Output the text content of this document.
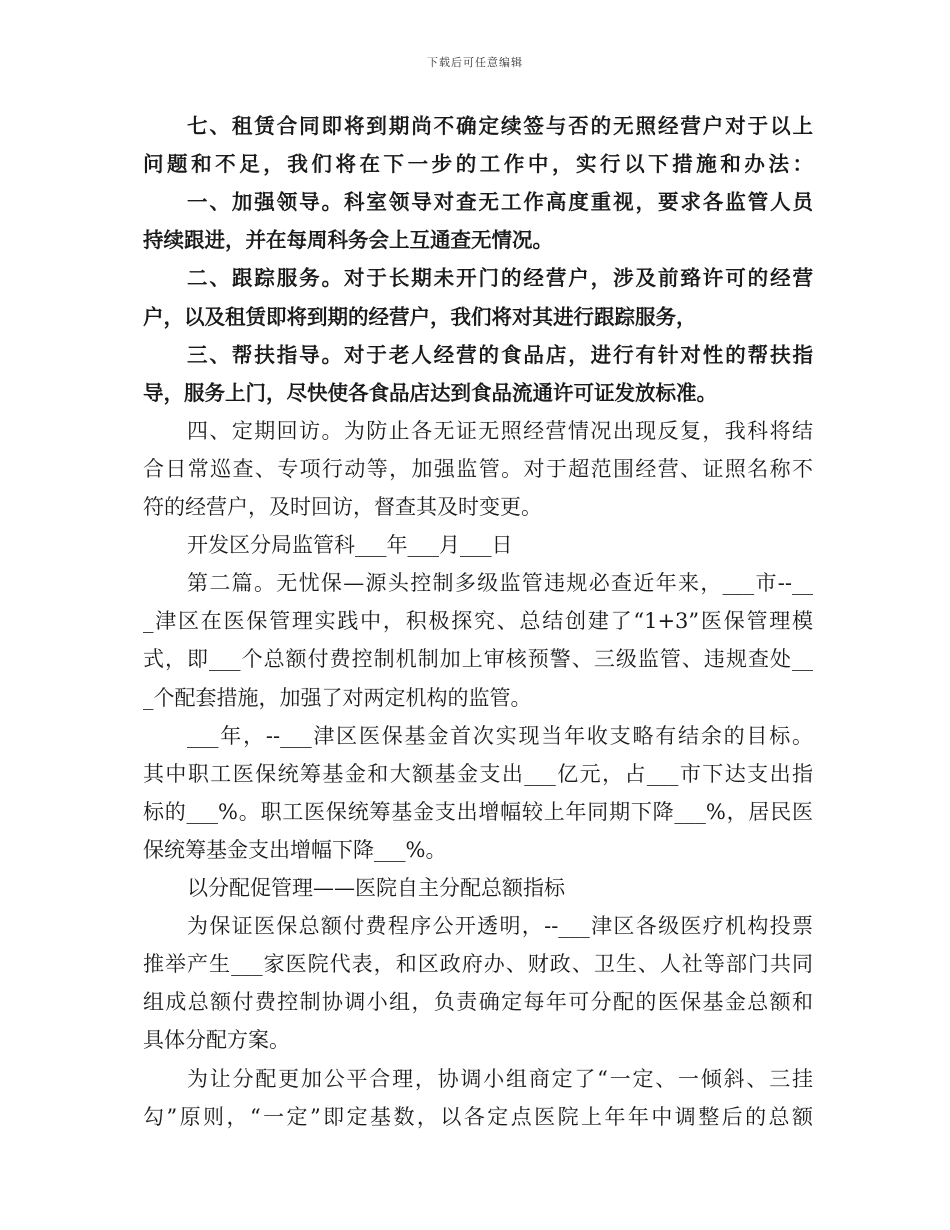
下载后可任意编辑
七、租赁合同即将到期尚不确定续签与否的无照经营户对于以上
问题和不足，我们将在下一步的工作中，实行以下措施和办法：
一、加强领导。科室领导对查无工作高度重视，要求各监管人员
持续跟进，并在每周科务会上互通查无情况。
二、跟踪服务。对于长期未开门的经营户，涉及前臵许可的经营
户，以及租赁即将到期的经营户，我们将对其进行跟踪服务，
三、帮扶指导。对于老人经营的食品店，进行有针对性的帮扶指
导，服务上门，尽快使各食品店达到食品流通许可证发放标准。
四、定期回访。为防止各无证无照经营情况出现反复，我科将结
合日常巡查、专项行动等，加强监管。对于超范围经营、证照名称不
符的经营户，及时回访，督查其及时变更。
开发区分局监管科___年___月___日
第二篇。无忧保—源头控制多级监管违规必查近年来，___市--__
_津区在医保管理实践中，积极探究、总结创建了“1+3”医保管理模
式，即___个总额付费控制机制加上审核预警、三级监管、违规查处__
_个配套措施，加强了对两定机构的监管。
___年，--___津区医保基金首次实现当年收支略有结余的目标。
其中职工医保统筹基金和大额基金支出___亿元，占___市下达支出指
标的___%。职工医保统筹基金支出增幅较上年同期下降___%，居民医
保统筹基金支出增幅下降___%。
以分配促管理——医院自主分配总额指标
为保证医保总额付费程序公开透明，--___津区各级医疗机构投票
推举产生___家医院代表，和区政府办、财政、卫生、人社等部门共同
组成总额付费控制协调小组，负责确定每年可分配的医保基金总额和
具体分配方案。
为让分配更加公平合理，协调小组商定了“一定、一倾斜、三挂
勾”原则，“一定”即定基数，以各定点医院上年年中调整后的总额
